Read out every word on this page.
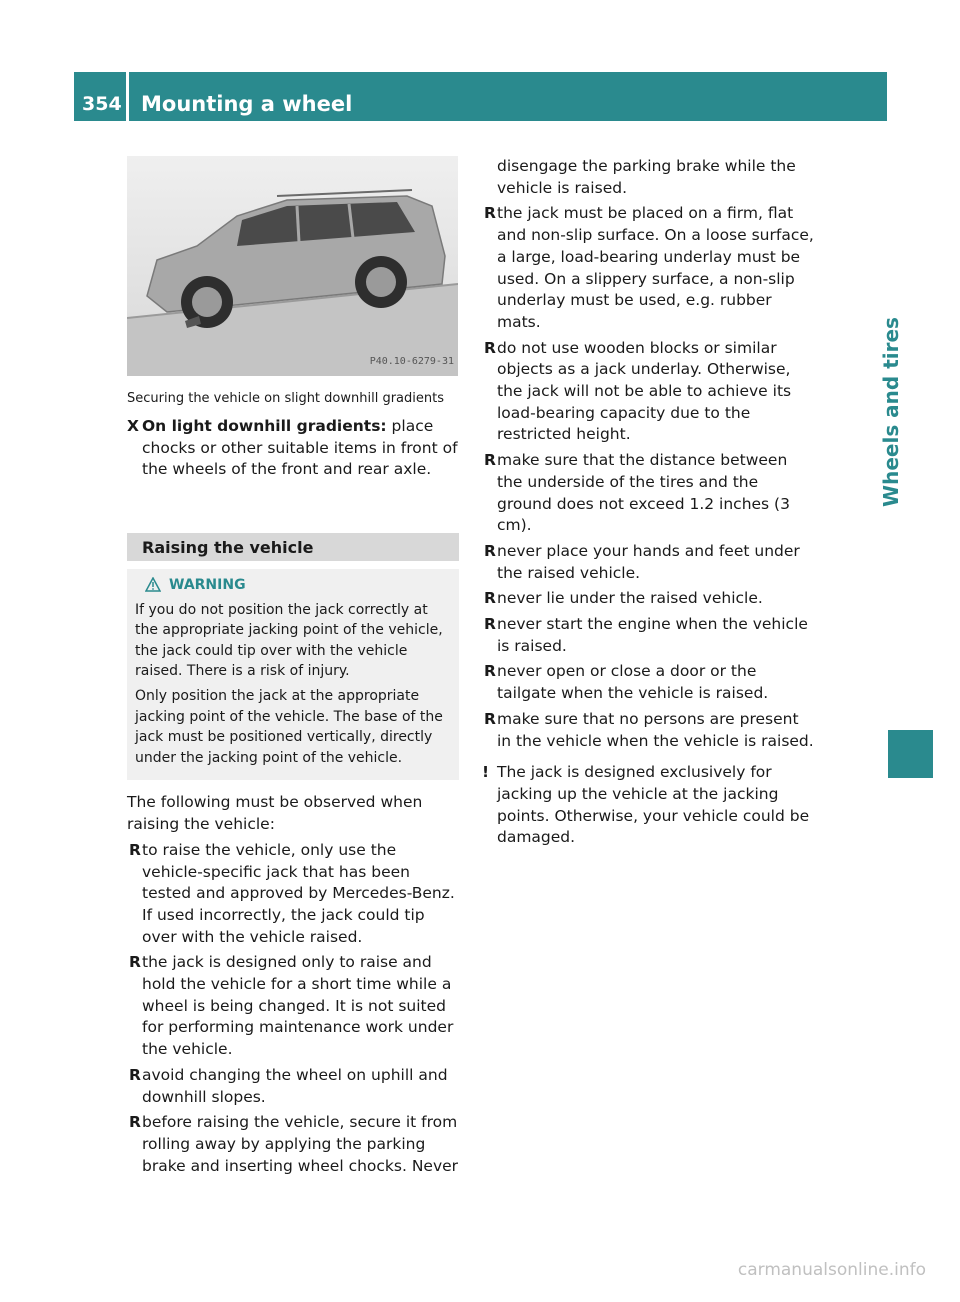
354 Mounting a wheel
Wheels and tires
P40.10-6279-31
Securing the vehicle on slight downhill gradients
X On light downhill gradients: place chocks or other suitable items in front of the wheels of the front and rear axle.
Raising the vehicle
WARNING

If you do not position the jack correctly at the appropriate jacking point of the vehicle, the jack could tip over with the vehicle raised. There is a risk of injury.

Only position the jack at the appropriate jacking point of the vehicle. The base of the jack must be positioned vertically, directly under the jacking point of the vehicle.

The following must be observed when raising the vehicle:
R to raise the vehicle, only use the vehicle-specific jack that has been tested and approved by Mercedes-Benz. If used incorrectly, the jack could tip over with the vehicle raised.
R the jack is designed only to raise and hold the vehicle for a short time while a wheel is being changed. It is not suited for performing maintenance work under the vehicle.
R avoid changing the wheel on uphill and downhill slopes.
R before raising the vehicle, secure it from rolling away by applying the parking brake and inserting wheel chocks. Never
disengage the parking brake while the vehicle is raised.
R the jack must be placed on a firm, flat and non-slip surface. On a loose surface, a large, load-bearing underlay must be used. On a slippery surface, a non-slip underlay must be used, e.g. rubber mats.
R do not use wooden blocks or similar objects as a jack underlay. Otherwise, the jack will not be able to achieve its load-bearing capacity due to the restricted height.
R make sure that the distance between the underside of the tires and the ground does not exceed 1.2 inches (3 cm).
R never place your hands and feet under the raised vehicle.
R never lie under the raised vehicle.
R never start the engine when the vehicle is raised.
R never open or close a door or the tailgate when the vehicle is raised.
R make sure that no persons are present in the vehicle when the vehicle is raised.
! The jack is designed exclusively for jacking up the vehicle at the jacking points. Otherwise, your vehicle could be damaged.
carmanualsonline.info
